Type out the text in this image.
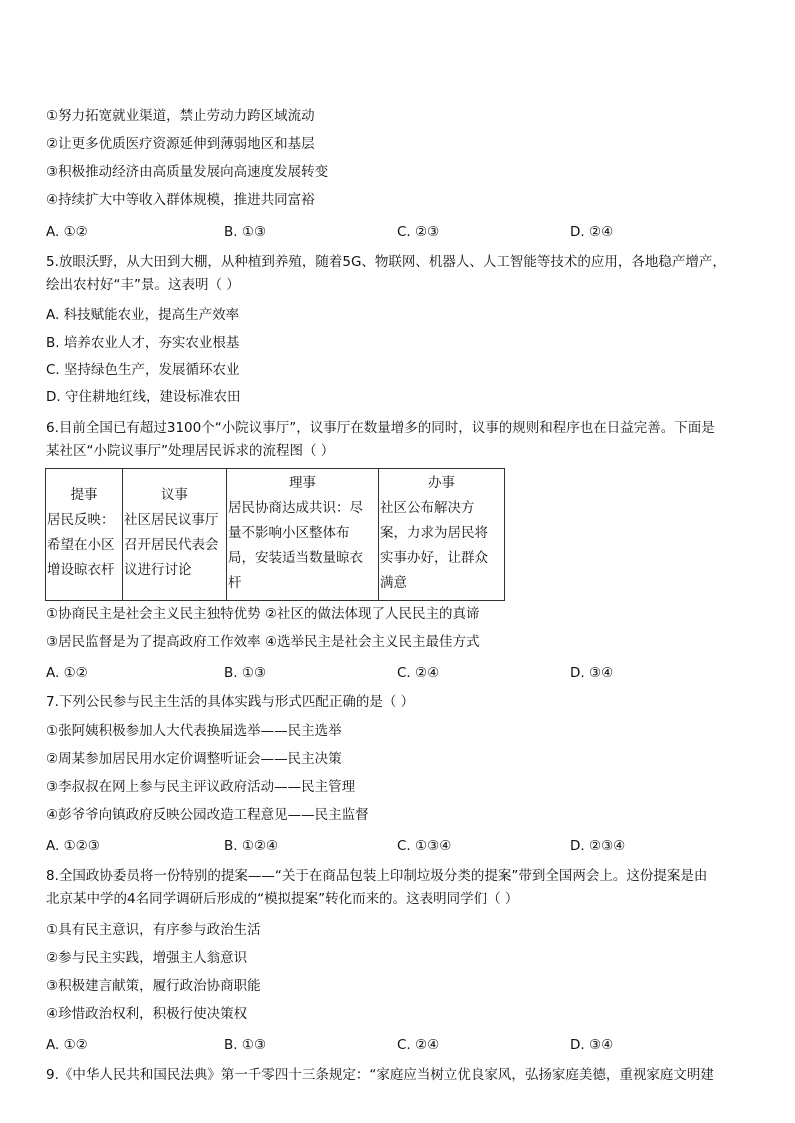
①努力拓宽就业渠道，禁止劳动力跨区域流动
②让更多优质医疗资源延伸到薄弱地区和基层
③积极推动经济由高质量发展向高速度发展转变
④持续扩大中等收入群体规模，推进共同富裕
A. ①②	B. ①③	C. ②③	D. ②④
5.放眼沃野，从大田到大棚，从种植到养殖，随着5G、物联网、机器人、人工智能等技术的应用，各地稳产增产，
绘出农村好“丰”景。这表明（ ）
A. 科技赋能农业，提高生产效率
B. 培养农业人才，夯实农业根基
C. 坚持绿色生产，发展循环农业
D. 守住耕地红线，建设标准农田
6.目前全国已有超过3100个“小院议事厅”，议事厅在数量增多的同时，议事的规则和程序也在日益完善。下面是
某社区“小院议事厅”处理居民诉求的流程图（ ）
提事
居民反映：
希望在小区
增设晾衣杆

议事
社区居民议事厅
召开居民代表会
议进行讨论

理事
居民协商达成共识：尽
量不影响小区整体布
局，安装适当数量晾衣
杆

办事
社区公布解决方
案，力求为居民将
实事办好，让群众
满意
①协商民主是社会主义民主独特优势 ②社区的做法体现了人民民主的真谛
③居民监督是为了提高政府工作效率 ④选举民主是社会主义民主最佳方式
A. ①②	B. ①③	C. ②④	D. ③④
7.下列公民参与民主生活的具体实践与形式匹配正确的是（ ）
①张阿姨积极参加人大代表换届选举——民主选举
②周某参加居民用水定价调整听证会——民主决策
③李叔叔在网上参与民主评议政府活动——民主管理
④彭爷爷向镇政府反映公园改造工程意见——民主监督
A. ①②③	B. ①②④	C. ①③④	D. ②③④
8.全国政协委员将一份特别的提案——“关于在商品包装上印制垃圾分类的提案”带到全国两会上。这份提案是由
北京某中学的4名同学调研后形成的“模拟提案”转化而来的。这表明同学们（ ）
①具有民主意识，有序参与政治生活
②参与民主实践，增强主人翁意识
③积极建言献策，履行政治协商职能
④珍惜政治权利，积极行使决策权
A. ①②	B. ①③	C. ②④	D. ③④
9.《中华人民共和国民法典》第一千零四十三条规定：“家庭应当树立优良家风，弘扬家庭美德，重视家庭文明建
